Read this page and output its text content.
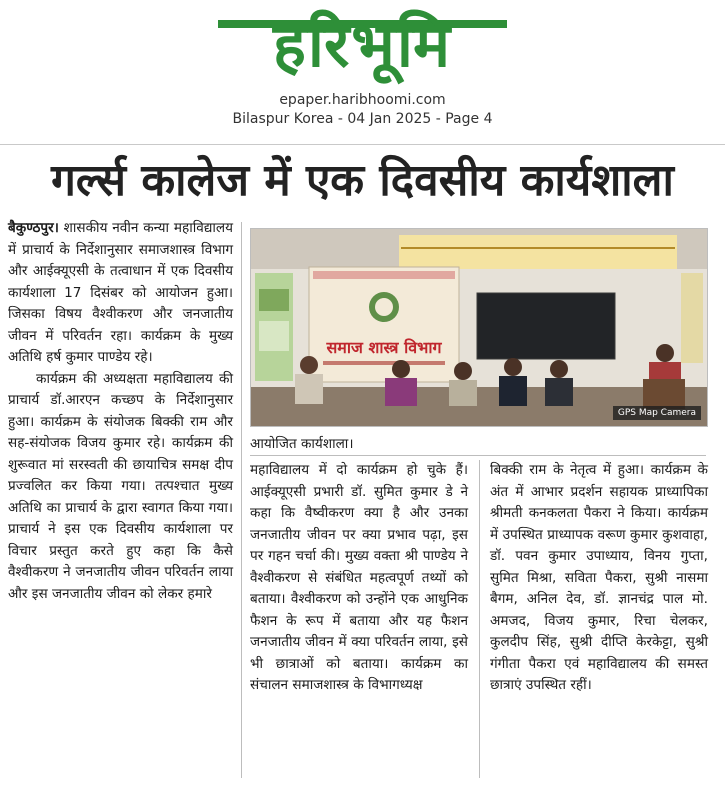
हरिभूमि
epaper.haribhoomi.com
Bilaspur Korea - 04 Jan 2025 - Page 4
गर्ल्स कालेज में एक दिवसीय कार्यशाला

बैकुण्ठपुर। शासकीय नवीन कन्या महाविद्यालय में प्राचार्य के निर्देशानुसार समाजशास्त्र विभाग और आईक्यूएसी के तत्वाधान में एक दिवसीय कार्यशाला 17 दिसंबर को आयोजन हुआ। जिसका विषय वैश्वीकरण और जनजातीय जीवन में परिवर्तन रहा। कार्यक्रम के मुख्य अतिथि हर्ष कुमार पाण्डेय रहे।

कार्यक्रम की अध्यक्षता महाविद्यालय की प्राचार्य डॉ.आरएन कच्छप के निर्देशानुसार हुआ। कार्यक्रम के संयोजक बिक्की राम और सह-संयोजक विजय कुमार रहे। कार्यक्रम की शुरूवात मां सरस्वती की छायाचित्र समक्ष दीप प्रज्वलित कर किया गया। तत्पश्चात मुख्य अतिथि का प्राचार्य के द्वारा स्वागत किया गया। प्राचार्य ने इस एक दिवसीय कार्यशाला पर विचार प्रस्तुत करते हुए कहा कि कैसे वैश्वीकरण ने जनजातीय जीवन परिवर्तन लाया और इस जनजातीय जीवन को लेकर हमारे

समाज शास्त्र विभाग
GPS Map Camera
आयोजित कार्यशाला।

महाविद्यालय में दो कार्यक्रम हो चुके हैं। आईक्यूएसी प्रभारी डॉ. सुमित कुमार डे ने कहा कि वैष्वीकरण क्या है और उनका जनजातीय जीवन पर क्या प्रभाव पढ़ा, इस पर गहन चर्चा की। मुख्य वक्ता श्री पाण्डेय ने वैश्वीकरण से संबंधित महत्वपूर्ण तथ्यों को बताया। वैश्वीकरण को उन्होंने एक आधुनिक फैशन के रूप में बताया और यह फैशन जनजातीय जीवन में क्या परिवर्तन लाया, इसे भी छात्राओं को बताया। कार्यक्रम का संचालन समाजशास्त्र के विभागध्यक्ष

बिक्की राम के नेतृत्व में हुआ। कार्यक्रम के अंत में आभार प्रदर्शन सहायक प्राध्यापिका श्रीमती कनकलता पैकरा ने किया। कार्यक्रम में उपस्थित प्राध्यापक वरूण कुमार कुशवाहा, डॉ. पवन कुमार उपाध्याय, विनय गुप्ता, सुमित मिश्रा, सविता पैकरा, सुश्री नासमा बैगम, अनिल देव, डॉ. ज्ञानचंद्र पाल मो. अमजद, विजय कुमार, रिचा चेलकर, कुलदीप सिंह, सुश्री दीप्ति केरकेट्टा, सुश्री गंगीता पैकरा एवं महाविद्यालय की समस्त छात्राएं उपस्थित रहीं।
